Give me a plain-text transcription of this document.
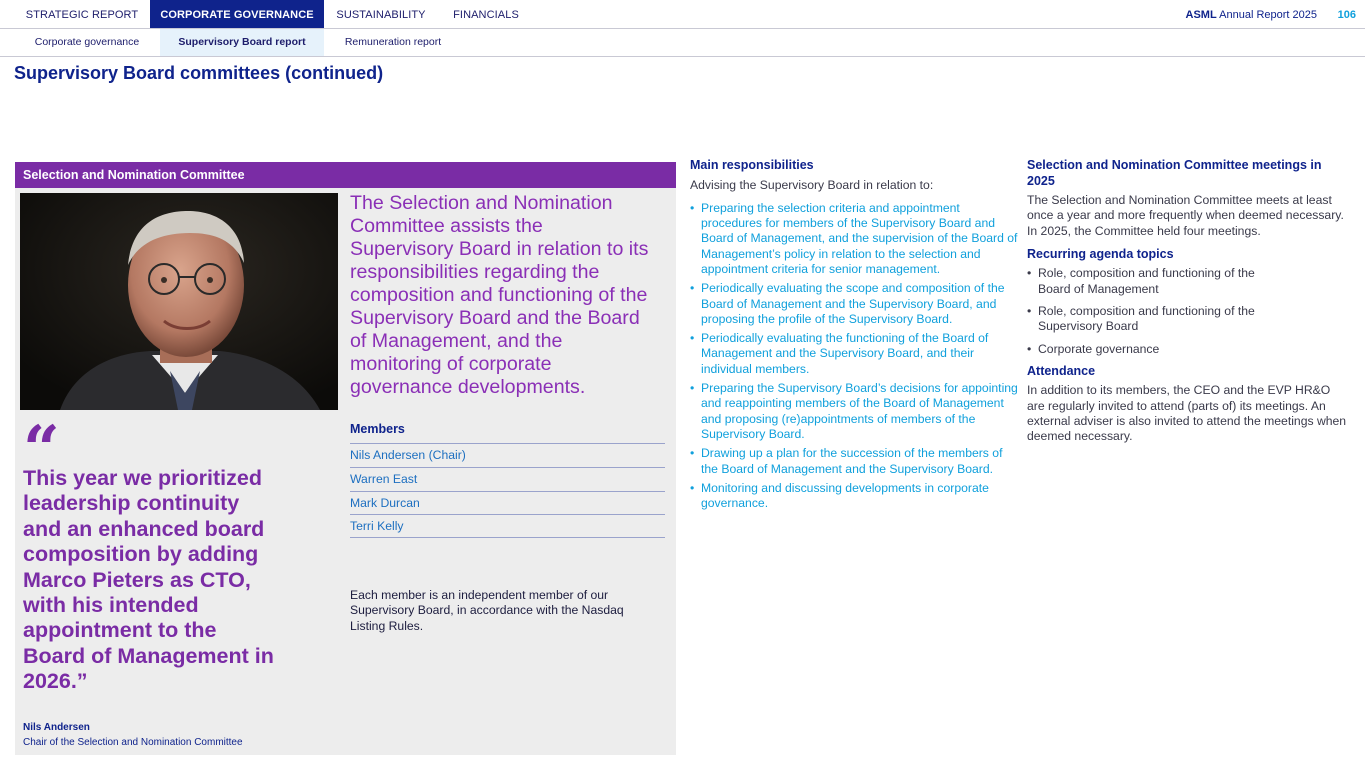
STRATEGIC REPORT	CORPORATE GOVERNANCE	SUSTAINABILITY	FINANCIALS	ASML Annual Report 2025 106
Corporate governance	Supervisory Board report	Remuneration report
Supervisory Board committees (continued)
Selection and Nomination Committee

The Selection and Nomination Committee assists the Supervisory Board in relation to its responsibilities regarding the composition and functioning of the Supervisory Board and the Board of Management, and the monitoring of corporate governance developments.

“

This year we prioritized leadership continuity and an enhanced board composition by adding Marco Pieters as CTO, with his intended appointment to the Board of Management in 2026.”

Nils Andersen
Chair of the Selection and Nomination Committee
Members
Nils Andersen (Chair)
Warren East
Mark Durcan
Terri Kelly

Each member is an independent member of our Supervisory Board, in accordance with the Nasdaq Listing Rules.

Main responsibilities

Advising the Supervisory Board in relation to:

• Preparing the selection criteria and appointment procedures for members of the Supervisory Board and Board of Management, and the supervision of the Board of Management’s policy in relation to the selection and appointment criteria for senior management.
• Periodically evaluating the scope and composition of the Board of Management and the Supervisory Board, and proposing the profile of the Supervisory Board.
• Periodically evaluating the functioning of the Board of Management and the Supervisory Board, and their individual members.
• Preparing the Supervisory Board’s decisions for appointing and reappointing members of the Board of Management and proposing (re)appointments of members of the Supervisory Board.
• Drawing up a plan for the succession of the members of the Board of Management and the Supervisory Board.
• Monitoring and discussing developments in corporate governance.
Selection and Nomination Committee meetings in 2025

The Selection and Nomination Committee meets at least once a year and more frequently when deemed necessary. In 2025, the Committee held four meetings.

Recurring agenda topics
• Role, composition and functioning of the Board of Management
• Role, composition and functioning of the Supervisory Board
• Corporate governance
Attendance

In addition to its members, the CEO and the EVP HR&O are regularly invited to attend (parts of) its meetings. An external adviser is also invited to attend the meetings when deemed necessary.
